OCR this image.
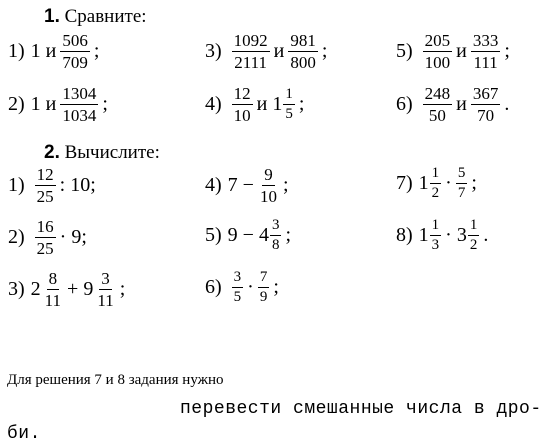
1. Сравните:
1) 1 и $\frac{506}{709}$ ;	$3) \frac{1092}{2111}$ и $\frac{981}{800}$ ;	$5) \frac{205}{100}$ и $\frac{333}{111}$ ;
2) 1 и $\frac{1304}{1034}$ ;	$4) \frac{12}{10}$ и $1 \frac{1}{5}$ ;	$6) \frac{248}{50}$ и $\frac{367}{70}$ .
2. Вычислите:
$1) \frac{12}{25}$ : 10;	4) $7 - \frac{9}{10}$ ;	7) $1 \frac{1}{2} \cdot \frac{5}{7}$ ;
$2) \frac{16}{25} \cdot 9$;	5) $9 - 4 \frac{3}{8}$ ;	8) $1 \frac{1}{3} \cdot 3 \frac{1}{2}$ .
3) $2 \frac{8}{11} + 9 \frac{3}{11}$ ;	$6) \frac{3}{5} \cdot \frac{7}{9}$ ;
Для решения 7 и 8 задания нужно
перевести смешанные числа в дро-
би.
